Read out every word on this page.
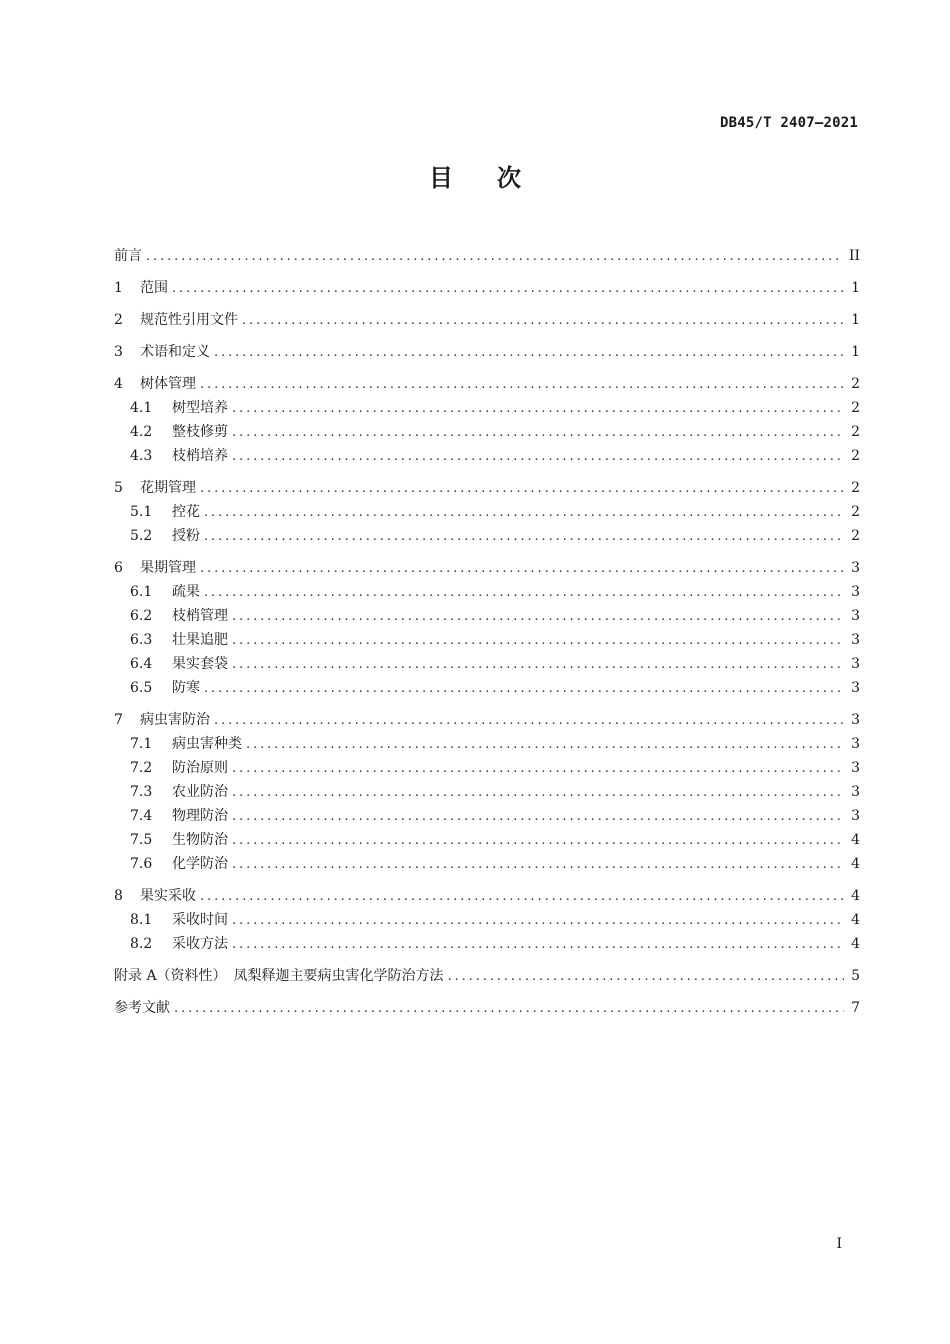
DB45/T 2407—2021
目 次
前言 .....	II
1	范围 .....	1
2	规范性引用文件 .....	1
3	术语和定义 .....	1
4	树体管理 .....	2
4.1	树型培养 .....	2
4.2	整枝修剪 .....	2
4.3	枝梢培养 .....	2
5	花期管理 .....	2
5.1	控花 .....	2
5.2	授粉 .....	2
6	果期管理 .....	3
6.1	疏果 .....	3
6.2	枝梢管理 .....	3
6.3	壮果追肥 .....	3
6.4	果实套袋 .....	3
6.5	防寒 .....	3
7	病虫害防治 .....	3
7.1	病虫害种类 .....	3
7.2	防治原则 .....	3
7.3	农业防治 .....	3
7.4	物理防治 .....	3
7.5	生物防治 .....	4
7.6	化学防治 .....	4
8	果实采收 .....	4
8.1	采收时间 .....	4
8.2	采收方法 .....	4
附录 A（资料性）　凤梨释迦主要病虫害化学防治方法 .....	5
参考文献 .....	7
I
